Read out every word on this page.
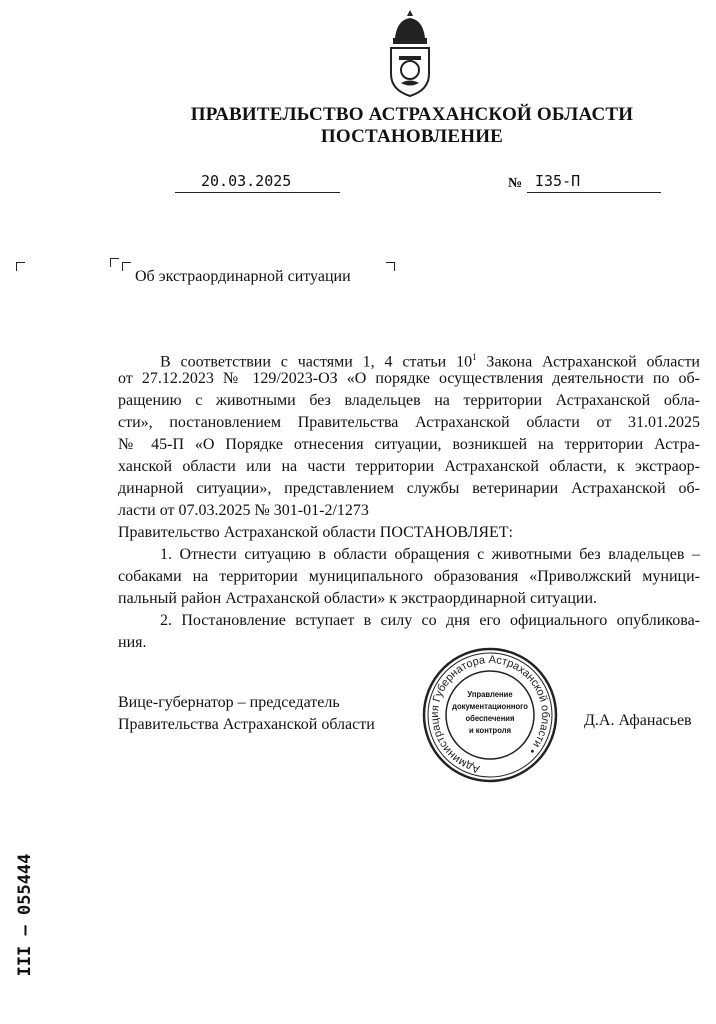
ПРАВИТЕЛЬСТВО АСТРАХАНСКОЙ ОБЛАСТИ
ПОСТАНОВЛЕНИЕ
20.03.2025	№ I35-П
Об экстраординарной ситуации
В соответствии с частями 1, 4 статьи $10^1$ Закона Астраханской области
от 27.12.2023 № 129/2023-ОЗ «О порядке осуществления деятельности по об-
ращению с животными без владельцев на территории Астраханской обла-
сти», постановлением Правительства Астраханской области от 31.01.2025
№ 45-П «О Порядке отнесения ситуации, возникшей на территории Астра-
ханской области или на части территории Астраханской области, к экстраор-
динарной ситуации», представлением службы ветеринарии Астраханской об-
ласти от 07.03.2025 № 301-01-2/1273
Правительство Астраханской области ПОСТАНОВЛЯЕТ:
1. Отнести ситуацию в области обращения с животными без владельцев –
собаками на территории муниципального образования «Приволжский муници-
пальный район Астраханской области» к экстраординарной ситуации.
2. Постановление вступает в силу со дня его официального опубликова-
ния.
Вице-губернатор – председатель
Правительства Астраханской области	Д.А. Афанасьев
Администрация Губернатора Астраханской области •
Управление
документационного
обеспечения
и контроля
III – 055444
